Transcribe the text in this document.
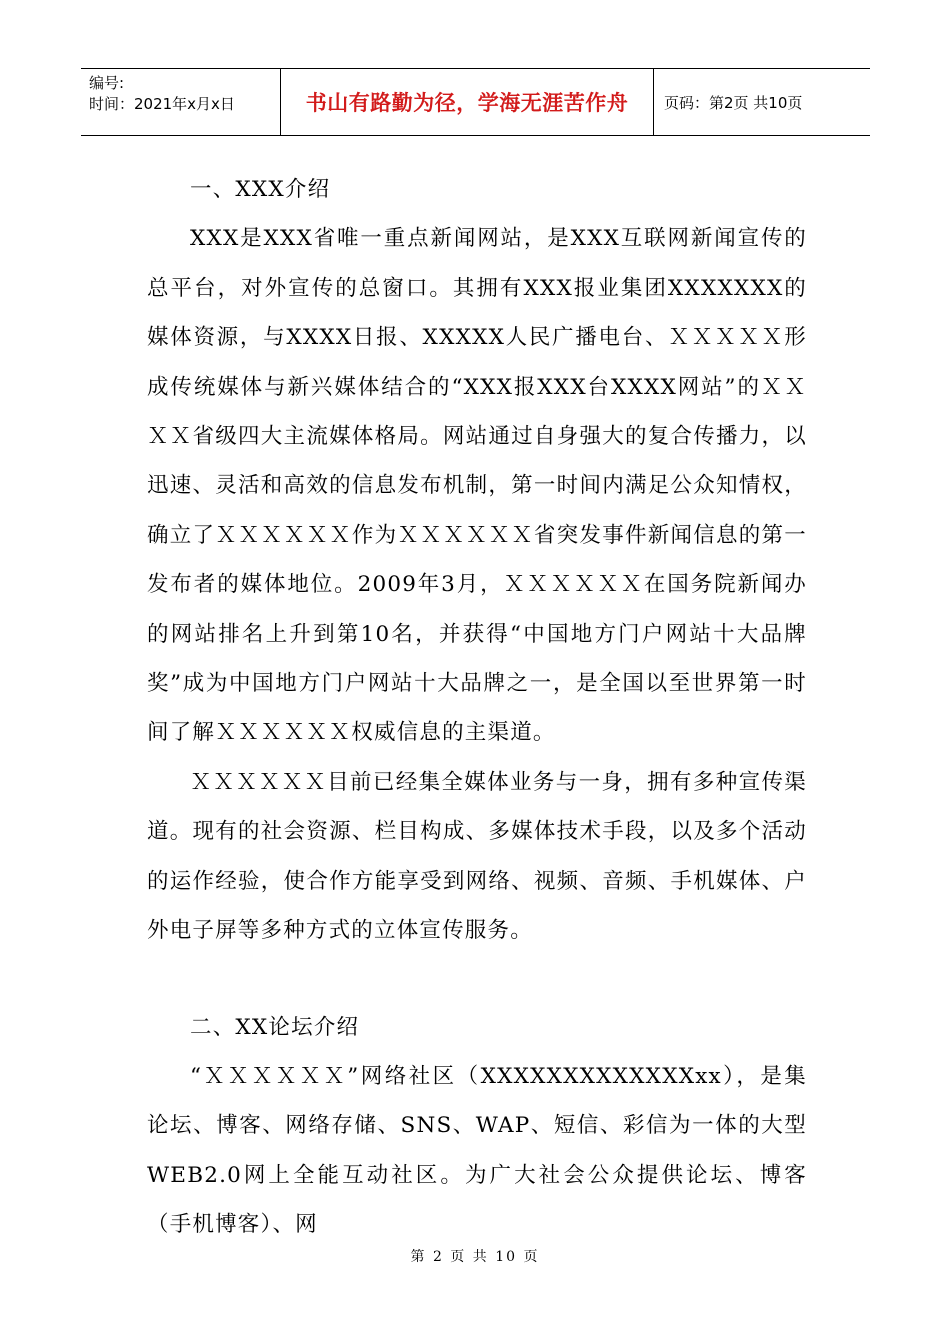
编号:
时间：2021年x月x日	书山有路勤为径，学海无涯苦作舟	页码：第2页 共10页

一、XXX介绍

XXX是XXX省唯一重点新闻网站，是XXX互联网新闻宣传的总平台，对外宣传的总窗口。其拥有XXX报业集团XXXXXXX的媒体资源，与XXXX日报、XXXXX人民广播电台、ＸＸＸＸＸ形成传统媒体与新兴媒体结合的“XXX报XXX台XXXX网站”的ＸＸＸＸ省级四大主流媒体格局。网站通过自身强大的复合传播力，以迅速、灵活和高效的信息发布机制，第一时间内满足公众知情权，确立了ＸＸＸＸＸＸ作为ＸＸＸＸＸＸ省突发事件新闻信息的第一发布者的媒体地位。2009年3月，ＸＸＸＸＸＸ在国务院新闻办的网站排名上升到第10名，并获得“中国地方门户网站十大品牌奖”成为中国地方门户网站十大品牌之一，是全国以至世界第一时间了解ＸＸＸＸＸＸ权威信息的主渠道。

ＸＸＸＸＸＸ目前已经集全媒体业务与一身，拥有多种宣传渠道。现有的社会资源、栏目构成、多媒体技术手段，以及多个活动的运作经验，使合作方能享受到网络、视频、音频、手机媒体、户外电子屏等多种方式的立体宣传服务。

二、XX论坛介绍

“ＸＸＸＸＸＸ”网络社区（XXXXXXXXXXXXXxx），是集论坛、博客、网络存储、SNS、WAP、短信、彩信为一体的大型WEB2.0网上全能互动社区。为广大社会公众提供论坛、博客（手机博客）、网

第 2 页 共 10 页
